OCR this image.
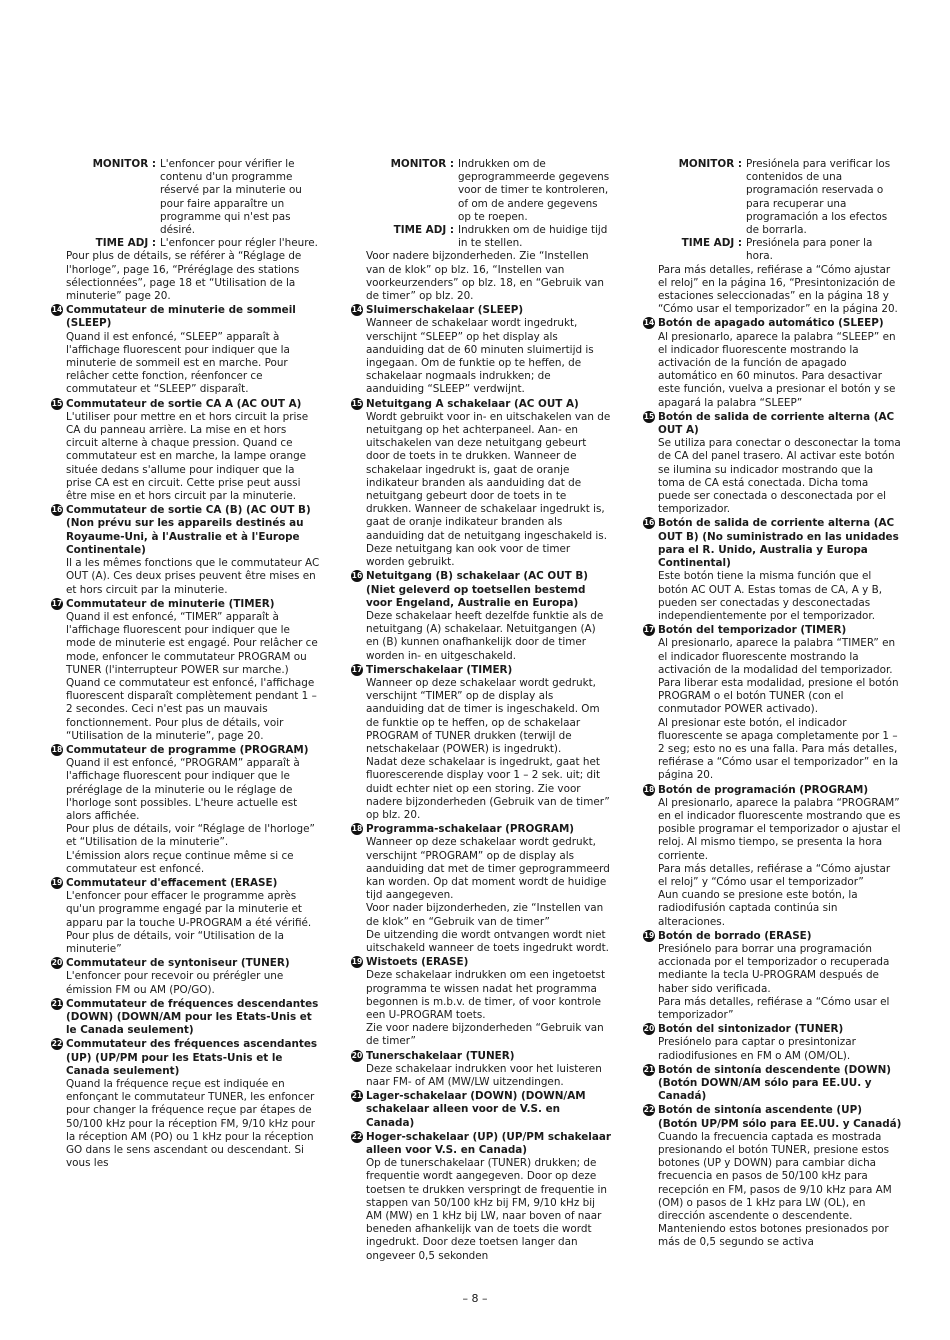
MONITOR : L'enfoncer pour vérifier le contenu d'un programme réservé par la minuterie ou pour faire apparaître un programme qui n'est pas désiré.
TIME ADJ : L'enfoncer pour régler l'heure.

Pour plus de détails, se référer à “Réglage de l'horloge”, page 16, “Préréglage des stations sélectionnées”, page 18 et “Utilisation de la minuterie” page 20.

14 Commutateur de minuterie de sommeil (SLEEP)

Quand il est enfoncé, “SLEEP” apparaît à l'affichage fluorescent pour indiquer que la minuterie de sommeil est en marche. Pour relâcher cette fonction, réenfoncer ce commutateur et “SLEEP” disparaît.

15 Commutateur de sortie CA A (AC OUT A)

L'utiliser pour mettre en et hors circuit la prise CA du panneau arrière. La mise en et hors circuit alterne à chaque pression. Quand ce commutateur est en marche, la lampe orange située dedans s'allume pour indiquer que la prise CA est en circuit. Cette prise peut aussi être mise en et hors circuit par la minuterie.

16 Commutateur de sortie CA (B) (AC OUT B) (Non prévu sur les appareils destinés au Royaume-Uni, à l'Australie et à l'Europe Continentale)

Il a les mêmes fonctions que le commutateur AC OUT (A). Ces deux prises peuvent être mises en et hors circuit par la minuterie.

17 Commutateur de minuterie (TIMER)

Quand il est enfoncé, “TIMER” apparaît à l'affichage fluorescent pour indiquer que le mode de minuterie est engagé. Pour relâcher ce mode, enfoncer le commutateur PROGRAM ou TUNER (l'interrupteur POWER sur marche.)

Quand ce commutateur est enfoncé, l'affichage fluorescent disparaît complètement pendant 1 – 2 secondes. Ceci n'est pas un mauvais fonctionnement. Pour plus de détails, voir “Utilisation de la minuterie”, page 20.

18 Commutateur de programme (PROGRAM)

Quand il est enfoncé, “PROGRAM” apparaît à l'affichage fluorescent pour indiquer que le préréglage de la minuterie ou le réglage de l'horloge sont possibles. L'heure actuelle est alors affichée.

Pour plus de détails, voir “Réglage de l'horloge” et “Utilisation de la minuterie”.

L'émission alors reçue continue même si ce commutateur est enfoncé.

19 Commutateur d'effacement (ERASE)

L'enfoncer pour effacer le programme après qu'un programme engagé par la minuterie et apparu par la touche U-PROGRAM a été vérifié.

Pour plus de détails, voir “Utilisation de la minuterie”

20 Commutateur de syntoniseur (TUNER)

L'enfoncer pour recevoir ou prérégler une émission FM ou AM (PO/GO).

21 Commutateur de fréquences descendantes (DOWN) (DOWN/AM pour les Etats-Unis et le Canada seulement)
22 Commutateur des fréquences ascendantes (UP) (UP/PM pour les Etats-Unis et le Canada seulement)

Quand la fréquence reçue est indiquée en enfonçant le commutateur TUNER, les enfoncer pour changer la fréquence reçue par étapes de 50/100 kHz pour la réception FM, 9/10 kHz pour la réception AM (PO) ou 1 kHz pour la réception GO dans le sens ascendant ou descendant. Si vous les

MONITOR : Indrukken om de geprogrammeerde gegevens voor de timer te kontroleren, of om de andere gegevens op te roepen.
TIME ADJ : Indrukken om de huidige tijd in te stellen.

Voor nadere bijzonderheden. Zie “Instellen van de klok” op blz. 16, “Instellen van voorkeurzenders” op blz. 18, en “Gebruik van de timer” op blz. 20.

14 Sluimerschakelaar (SLEEP)

Wanneer de schakelaar wordt ingedrukt, verschijnt “SLEEP” op het display als aanduiding dat de 60 minuten sluimertijd is ingegaan. Om de funktie op te heffen, de schakelaar nogmaals indrukken; de aanduiding “SLEEP” verdwijnt.

15 Netuitgang A schakelaar (AC OUT A)

Wordt gebruikt voor in- en uitschakelen van de netuitgang op het achterpaneel. Aan- en uitschakelen van deze netuitgang gebeurt door de toets in te drukken. Wanneer de schakelaar ingedrukt is, gaat de oranje indikateur branden als aanduiding dat de netuitgang gebeurt door de toets in te drukken. Wanneer de schakelaar ingedrukt is, gaat de oranje indikateur branden als aanduiding dat de netuitgang ingeschakeld is. Deze netuitgang kan ook voor de timer worden gebruikt.

16 Netuitgang (B) schakelaar (AC OUT B) (Niet geleverd op toetsellen bestemd voor Engeland, Australie en Europa)

Deze schakelaar heeft dezelfde funktie als de netuitgang (A) schakelaar. Netuitgangen (A) en (B) kunnen onafhankelijk door de timer worden in- en uitgeschakeld.

17 Timerschakelaar (TIMER)

Wanneer op deze schakelaar wordt gedrukt, verschijnt “TIMER” op de display als aanduiding dat de timer is ingeschakeld. Om de funktie op te heffen, op de schakelaar PROGRAM of TUNER drukken (terwijl de netschakelaar (POWER) is ingedrukt).

Nadat deze schakelaar is ingedrukt, gaat het fluorescerende display voor 1 – 2 sek. uit; dit duidt echter niet op een storing. Zie voor nadere bijzonderheden (Gebruik van de timer” op blz. 20.

18 Programma-schakelaar (PROGRAM)

Wanneer op deze schakelaar wordt gedrukt, verschijnt “PROGRAM” op de display als aanduiding dat met de timer geprogrammeerd kan worden. Op dat moment wordt de huidige tijd aangegeven.

Voor nader bijzonderheden, zie “Instellen van de klok” en “Gebruik van de timer”

De uitzending die wordt ontvangen wordt niet uitschakeld wanneer de toets ingedrukt wordt.

19 Wistoets (ERASE)

Deze schakelaar indrukken om een ingetoetst programma te wissen nadat het programma begonnen is m.b.v. de timer, of voor kontrole een U-PROGRAM toets.

Zie voor nadere bijzonderheden “Gebruik van de timer”

20 Tunerschakelaar (TUNER)

Deze schakelaar indrukken voor het luisteren naar FM- of AM (MW/LW uitzendingen.

21 Lager-schakelaar (DOWN) (DOWN/AM schakelaar alleen voor de V.S. en Canada)
22 Hoger-schakelaar (UP) (UP/PM schakelaar alleen voor V.S. en Canada)

Op de tunerschakelaar (TUNER) drukken; de frequentie wordt aangegeven. Door op deze toetsen te drukken verspringt de frequentie in stappen van 50/100 kHz bij FM, 9/10 kHz bij AM (MW) en 1 kHz bij LW, naar boven of naar beneden afhankelijk van de toets die wordt ingedrukt. Door deze toetsen langer dan ongeveer 0,5 sekonden

MONITOR : Presiónela para verificar los contenidos de una programación reservada o para recuperar una programación a los efectos de borrarla.
TIME ADJ : Presiónela para poner la hora.

Para más detalles, refiérase a “Cómo ajustar el reloj” en la página 16, “Presintonización de estaciones seleccionadas” en la página 18 y “Cómo usar el temporizador” en la página 20.

14 Botón de apagado automático (SLEEP)

Al presionarlo, aparece la palabra “SLEEP” en el indicador fluorescente mostrando la activación de la función de apagado automático en 60 minutos. Para desactivar este función, vuelva a presionar el botón y se apagará la palabra “SLEEP”

15 Botón de salida de corriente alterna (AC OUT A)

Se utiliza para conectar o desconectar la toma de CA del panel trasero. Al activar este botón se ilumina su indicador mostrando que la toma de CA está conectada. Dicha toma puede ser conectada o desconectada por el temporizador.

16 Botón de salida de corriente alterna (AC OUT B) (No suministrado en las unidades para el R. Unido, Australia y Europa Continental)

Este botón tiene la misma función que el botón AC OUT A. Estas tomas de CA, A y B, pueden ser conectadas y desconectadas independientemente por el temporizador.

17 Botón del temporizador (TIMER)

Al presionarlo, aparece la palabra “TIMER” en el indicador fluorescente mostrando la activación de la modalidad del temporizador. Para liberar esta modalidad, presione el botón PROGRAM o el botón TUNER (con el conmutador POWER activado).

Al presionar este botón, el indicador fluorescente se apaga completamente por 1 – 2 seg; esto no es una falla. Para más detalles, refiérase a “Cómo usar el temporizador” en la página 20.

18 Botón de programación (PROGRAM)

Al presionarlo, aparece la palabra “PROGRAM” en el indicador fluorescente mostrando que es posible programar el temporizador o ajustar el reloj. Al mismo tiempo, se presenta la hora corriente.

Para más detalles, refiérase a “Cómo ajustar el reloj” y “Cómo usar el temporizador”

Aun cuando se presione este botón, la radiodifusión captada continúa sin alteraciones.

19 Botón de borrado (ERASE)

Presiónelo para borrar una programación accionada por el temporizador o recuperada mediante la tecla U-PROGRAM después de haber sido verificada.

Para más detalles, refiérase a “Cómo usar el temporizador”

20 Botón del sintonizador (TUNER)

Presiónelo para captar o presintonizar radiodifusiones en FM o AM (OM/OL).

21 Botón de sintonía descendente (DOWN) (Botón DOWN/AM sólo para EE.UU. y Canadá)
22 Botón de sintonía ascendente (UP) (Botón UP/PM sólo para EE.UU. y Canadá)

Cuando la frecuencia captada es mostrada presionando el botón TUNER, presione estos botones (UP y DOWN) para cambiar dicha frecuencia en pasos de 50/100 kHz para recepción en FM, pasos de 9/10 kHz para AM (OM) o pasos de 1 kHz para LW (OL), en dirección ascendente o descendente. Manteniendo estos botones presionados por más de 0,5 segundo se activa

– 8 –
